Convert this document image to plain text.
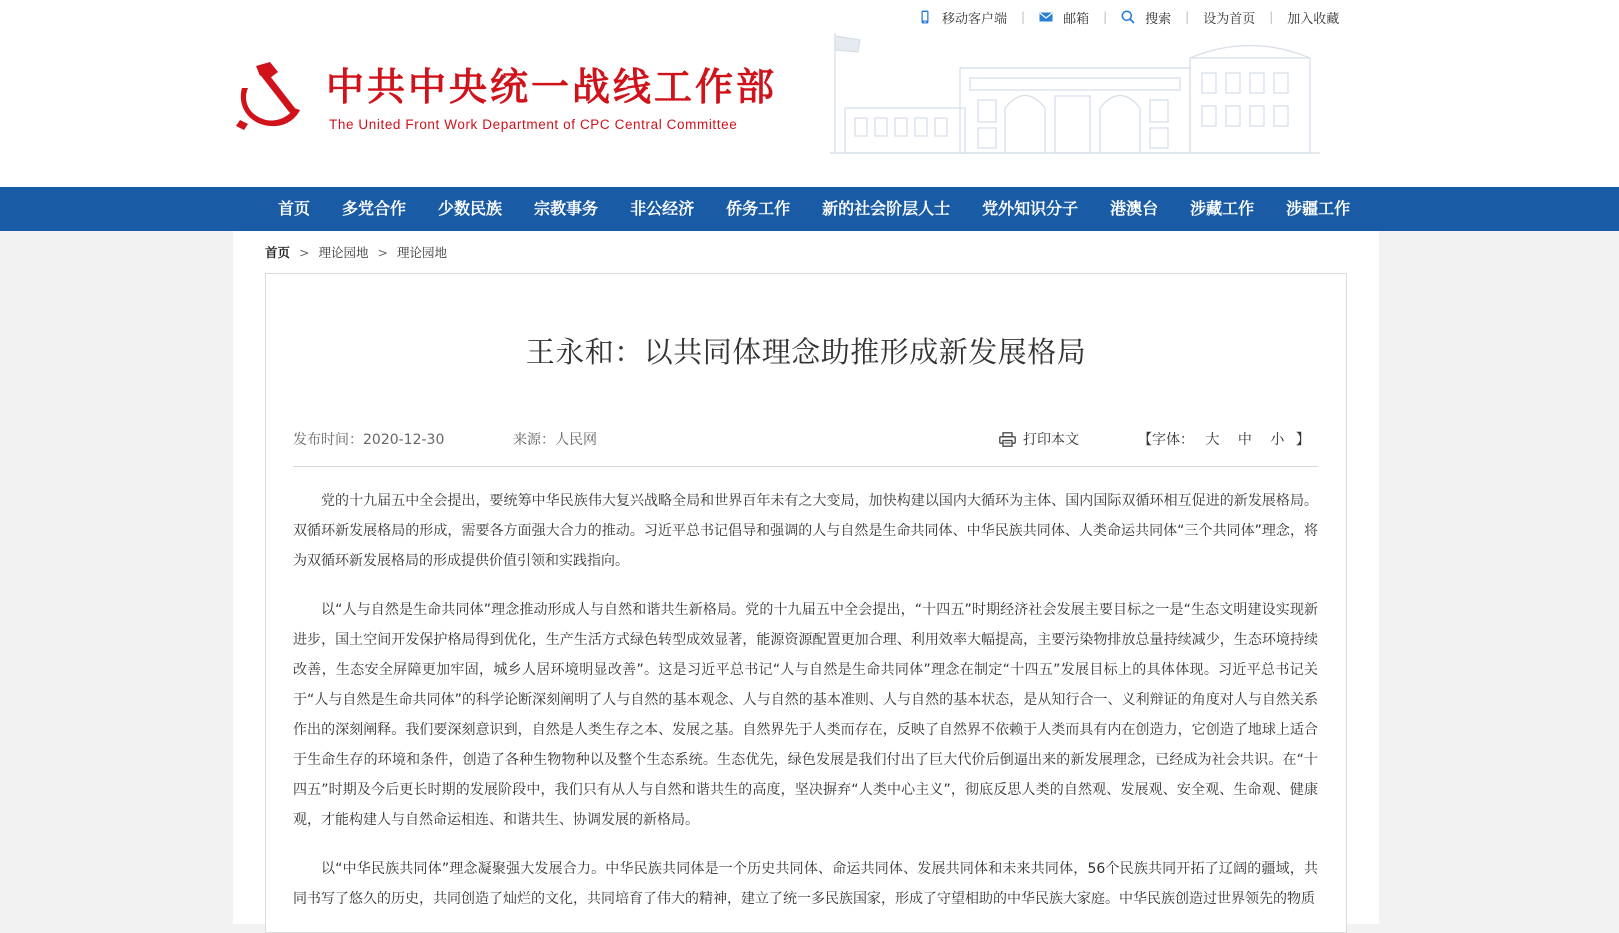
移动客户端 |	邮箱 |	搜索 | 设为首页 | 加入收藏
中共中央统一战线工作部
The United Front Work Department of CPC Central Committee
首页	多党合作	少数民族	宗教事务	非公经济	侨务工作	新的社会阶层人士	党外知识分子	港澳台	涉藏工作	涉疆工作
首页 > 理论园地 > 理论园地
王永和：以共同体理念助推形成新发展格局
发布时间：2020-12-30	来源：人民网	打印本文	【字体： 大 中 小 】

党的十九届五中全会提出，要统筹中华民族伟大复兴战略全局和世界百年未有之大变局，加快构建以国内大循环为主体、国内国际双循环相互促进的新发展格局。双循环新发展格局的形成，需要各方面强大合力的推动。习近平总书记倡导和强调的人与自然是生命共同体、中华民族共同体、人类命运共同体“三个共同体”理念，将为双循环新发展格局的形成提供价值引领和实践指向。

以“人与自然是生命共同体”理念推动形成人与自然和谐共生新格局。党的十九届五中全会提出，“十四五”时期经济社会发展主要目标之一是“生态文明建设实现新进步，国土空间开发保护格局得到优化，生产生活方式绿色转型成效显著，能源资源配置更加合理、利用效率大幅提高，主要污染物排放总量持续减少，生态环境持续改善，生态安全屏障更加牢固，城乡人居环境明显改善”。这是习近平总书记“人与自然是生命共同体”理念在制定“十四五”发展目标上的具体体现。习近平总书记关于“人与自然是生命共同体”的科学论断深刻阐明了人与自然的基本观念、人与自然的基本准则、人与自然的基本状态，是从知行合一、义利辩证的角度对人与自然关系作出的深刻阐释。我们要深刻意识到，自然是人类生存之本、发展之基。自然界先于人类而存在，反映了自然界不依赖于人类而具有内在创造力，它创造了地球上适合于生命生存的环境和条件，创造了各种生物物种以及整个生态系统。生态优先，绿色发展是我们付出了巨大代价后倒逼出来的新发展理念，已经成为社会共识。在“十四五”时期及今后更长时期的发展阶段中，我们只有从人与自然和谐共生的高度，坚决摒弃“人类中心主义”，彻底反思人类的自然观、发展观、安全观、生命观、健康观，才能构建人与自然命运相连、和谐共生、协调发展的新格局。

以“中华民族共同体”理念凝聚强大发展合力。中华民族共同体是一个历史共同体、命运共同体、发展共同体和未来共同体，56个民族共同开拓了辽阔的疆域，共同书写了悠久的历史，共同创造了灿烂的文化，共同培育了伟大的精神，建立了统一多民族国家，形成了守望相助的中华民族大家庭。中华民族创造过世界领先的物质
